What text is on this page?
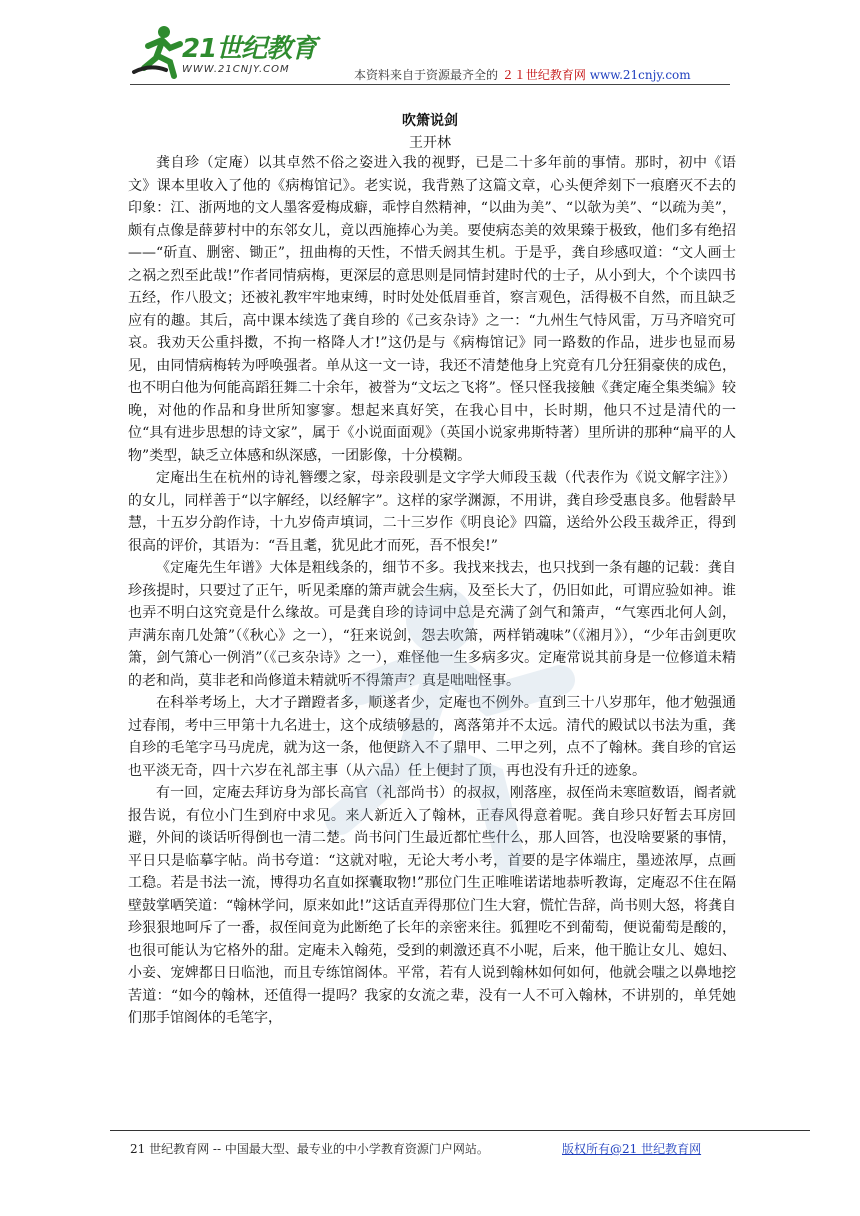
21世纪教育
WWW.21CNJY.COM	本资料来自于资源最齐全的 ２１世纪教育网 www.21cnjy.com
吹箫说剑
王开林

龚自珍（定庵）以其卓然不俗之姿进入我的视野，已是二十多年前的事情。那时，初中《语文》课本里收入了他的《病梅馆记》。老实说，我背熟了这篇文章，心头便斧刻下一痕磨灭不去的印象：江、浙两地的文人墨客爱梅成癖，乖悖自然精神，“以曲为美”、“以欹为美”、“以疏为美”，颇有点像是薛萝村中的东邻女儿，竟以西施捧心为美。要使病态美的效果臻于极致，他们多有绝招——“斫直、删密、锄正”，扭曲梅的天性，不惜夭阏其生机。于是乎，龚自珍感叹道：“文人画士之祸之烈至此哉!”作者同情病梅，更深层的意思则是同情封建时代的士子，从小到大，个个读四书五经，作八股文；还被礼教牢牢地束缚，时时处处低眉垂首，察言观色，活得极不自然，而且缺乏应有的趣。其后，高中课本续选了龚自珍的《己亥杂诗》之一：“九州生气恃风雷，万马齐喑究可哀。我劝天公重抖擞，不拘一格降人才!”这仍是与《病梅馆记》同一路数的作品，进步也显而易见，由同情病梅转为呼唤强者。单从这一文一诗，我还不清楚他身上究竟有几分狂狷豪侠的成色，也不明白他为何能高蹈狂舞二十余年，被誉为“文坛之飞将”。怪只怪我接触《龚定庵全集类编》较晚，对他的作品和身世所知寥寥。想起来真好笑，在我心目中，长时期，他只不过是清代的一位“具有进步思想的诗文家”，属于《小说面面观》（英国小说家弗斯特著）里所讲的那种“扁平的人物”类型，缺乏立体感和纵深感，一团影像，十分模糊。

定庵出生在杭州的诗礼簪缨之家，母亲段驯是文字学大师段玉裁（代表作为《说文解字注》）的女儿，同样善于“以字解经，以经解字”。这样的家学渊源，不用讲，龚自珍受惠良多。他髫龄早慧，十五岁分韵作诗，十九岁倚声填词，二十三岁作《明良论》四篇，送给外公段玉裁斧正，得到很高的评价，其语为：“吾且耄，犹见此才而死，吾不恨矣!”

《定庵先生年谱》大体是粗线条的，细节不多。我找来找去，也只找到一条有趣的记载：龚自珍孩提时，只要过了正午，听见柔靡的箫声就会生病，及至长大了，仍旧如此，可谓应验如神。谁也弄不明白这究竟是什么缘故。可是龚自珍的诗词中总是充满了剑气和箫声，“气寒西北何人剑，声满东南几处箫”（《秋心》之一），“狂来说剑，怨去吹箫，两样销魂味”（《湘月》），“少年击剑更吹箫，剑气箫心一例消”（《己亥杂诗》之一），难怪他一生多病多灾。定庵常说其前身是一位修道未精的老和尚，莫非老和尚修道未精就听不得箫声？真是咄咄怪事。

在科举考场上，大才子蹭蹬者多，顺遂者少，定庵也不例外。直到三十八岁那年，他才勉强通过春闱，考中三甲第十九名进士，这个成绩够悬的，离落第并不太远。清代的殿试以书法为重，龚自珍的毛笔字马马虎虎，就为这一条，他便跻入不了鼎甲、二甲之列，点不了翰林。龚自珍的官运也平淡无奇，四十六岁在礼部主事（从六品）任上便封了顶，再也没有升迁的迹象。

有一回，定庵去拜访身为部长高官（礼部尚书）的叔叔，刚落座，叔侄尚未寒暄数语，阍者就报告说，有位小门生到府中求见。来人新近入了翰林，正春风得意着呢。龚自珍只好暂去耳房回避，外间的谈话听得倒也一清二楚。尚书问门生最近都忙些什么，那人回答，也没啥要紧的事情，平日只是临摹字帖。尚书夸道：“这就对啦，无论大考小考，首要的是字体端庄，墨迹浓厚，点画工稳。若是书法一流，博得功名直如探囊取物!”那位门生正唯唯诺诺地恭听教诲，定庵忍不住在隔壁鼓掌哂笑道：“翰林学问，原来如此!”这话直弄得那位门生大窘，慌忙告辞，尚书则大怒，将龚自珍狠狠地呵斥了一番，叔侄间竟为此断绝了长年的亲密来往。狐狸吃不到葡萄，便说葡萄是酸的，也很可能认为它格外的甜。定庵未入翰苑，受到的刺激还真不小呢，后来，他干脆让女儿、媳妇、小妾、宠婢都日日临池，而且专练馆阁体。平常，若有人说到翰林如何如何，他就会嗤之以鼻地挖苦道：“如今的翰林，还值得一提吗？我家的女流之辈，没有一人不可入翰林，不讲别的，单凭她们那手馆阁体的毛笔字，

21 世纪教育网 -- 中国最大型、最专业的中小学教育资源门户网站。	版权所有@21 世纪教育网
